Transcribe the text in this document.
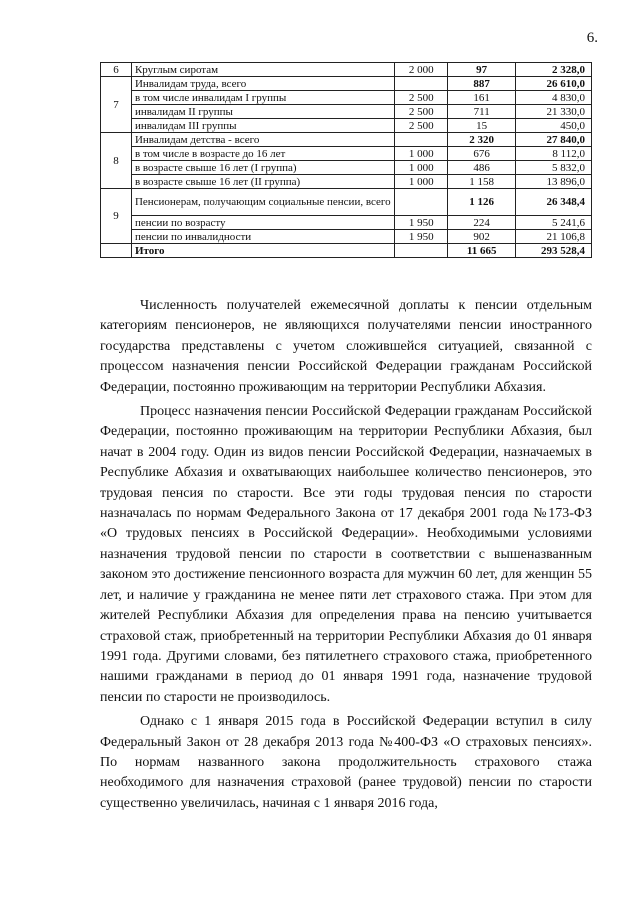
6.
6	Круглым сиротам	2 000	97	2 328,0
7	Инвалидам труда, всего		887	26 610,0
	в том числе инвалидам I группы	2 500	161	4 830,0
	инвалидам II группы	2 500	711	21 330,0
	инвалидам III группы	2 500	15	450,0
8	Инвалидам детства - всего		2 320	27 840,0
	в том числе в возрасте до 16 лет	1 000	676	8 112,0
	в возрасте свыше 16 лет (I группа)	1 000	486	5 832,0
	в возрасте свыше 16 лет (II группа)	1 000	1 158	13 896,0
9	Пенсионерам, получающим социальные пенсии, всего		1 126	26 348,4
	пенсии по возрасту	1 950	224	5 241,6
	пенсии по инвалидности	1 950	902	21 106,8
	Итого		11 665	293 528,4

Численность получателей ежемесячной доплаты к пенсии отдельным категориям пенсионеров, не являющихся получателями пенсии иностранного государства представлены с учетом сложившейся ситуацией, связанной с процессом назначения пенсии Российской Федерации гражданам Российской Федерации, постоянно проживающим на территории Республики Абхазия.

Процесс назначения пенсии Российской Федерации гражданам Российской Федерации, постоянно проживающим на территории Республики Абхазия, был начат в 2004 году. Один из видов пенсии Российской Федерации, назначаемых в Республике Абхазия и охватывающих наибольшее количество пенсионеров, это трудовая пенсия по старости. Все эти годы трудовая пенсия по старости назначалась по нормам Федерального Закона от 17 декабря 2001 года №173-ФЗ «О трудовых пенсиях в Российской Федерации». Необходимыми условиями назначения трудовой пенсии по старости в соответствии с вышеназванным законом это достижение пенсионного возраста для мужчин 60 лет, для женщин 55 лет, и наличие у гражданина не менее пяти лет страхового стажа. При этом для жителей Республики Абхазия для определения права на пенсию учитывается страховой стаж, приобретенный на территории Республики Абхазия до 01 января 1991 года. Другими словами, без пятилетнего страхового стажа, приобретенного нашими гражданами в период до 01 января 1991 года, назначение трудовой пенсии по старости не производилось.

Однако с 1 января 2015 года в Российской Федерации вступил в силу Федеральный Закон от 28 декабря 2013 года №400-ФЗ «О страховых пенсиях». По нормам названного закона продолжительность страхового стажа необходимого для назначения страховой (ранее трудовой) пенсии по старости существенно увеличилась, начиная с 1 января 2016 года,
